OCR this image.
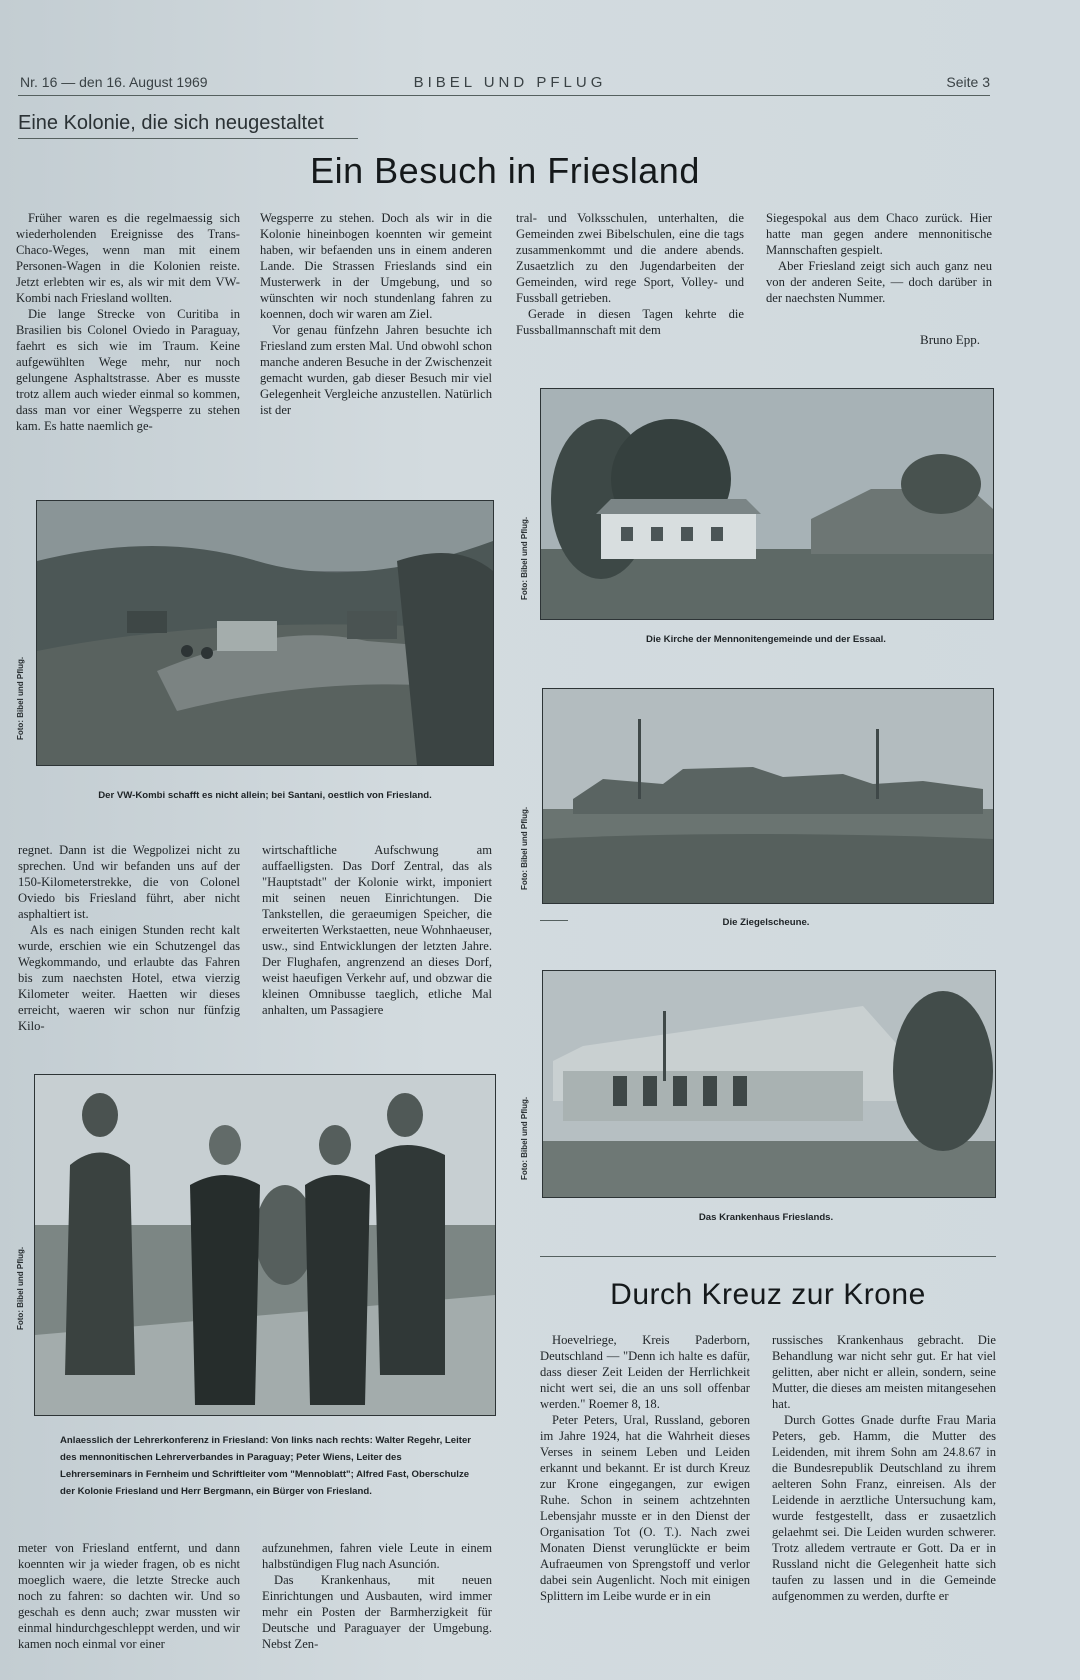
Nr. 16 — den 16. August 1969	BIBEL UND PFLUG	Seite 3
Eine Kolonie, die sich neugestaltet
Ein Besuch in Friesland

Früher waren es die regelmaessig sich wiederholenden Ereignisse des Trans-Chaco-Weges, wenn man mit einem Personen-Wagen in die Kolonien reiste. Jetzt erlebten wir es, als wir mit dem VW-Kombi nach Friesland wollten.

Die lange Strecke von Curitiba in Brasilien bis Colonel Oviedo in Paraguay, faehrt es sich wie im Traum. Keine aufgewühlten Wege mehr, nur noch gelungene Asphaltstrasse. Aber es musste trotz allem auch wieder einmal so kommen, dass man vor einer Wegsperre zu stehen kam. Es hatte naemlich ge-

Wegsperre zu stehen. Doch als wir in die Kolonie hineinbogen koennten wir gemeint haben, wir befaenden uns in einem anderen Lande. Die Strassen Frieslands sind ein Musterwerk in der Umgebung, und so wünschten wir noch stundenlang fahren zu koennen, doch wir waren am Ziel.

Vor genau fünfzehn Jahren besuchte ich Friesland zum ersten Mal. Und obwohl schon manche anderen Besuche in der Zwischenzeit gemacht wurden, gab dieser Besuch mir viel Gelegenheit Vergleiche anzustellen. Natürlich ist der

tral- und Volksschulen, unterhalten, die Gemeinden zwei Bibelschulen, eine die tags zusammenkommt und die andere abends. Zusaetzlich zu den Jugendarbeiten der Gemeinden, wird rege Sport, Volley- und Fussball getrieben.

Gerade in diesen Tagen kehrte die Fussballmannschaft mit dem

Siegespokal aus dem Chaco zurück. Hier hatte man gegen andere mennonitische Mannschaften gespielt.

Aber Friesland zeigt sich auch ganz neu von der anderen Seite, — doch darüber in der naechsten Nummer.

Bruno Epp.
Foto: Bibel und Pflug.
Der VW-Kombi schafft es nicht allein; bei Santani, oestlich von Friesland.
Foto: Bibel und Pflug.
Die Kirche der Mennonitengemeinde und der Essaal.
Foto: Bibel und Pflug.
Die Ziegelscheune.
Foto: Bibel und Pflug.
Das Krankenhaus Frieslands.

regnet. Dann ist die Wegpolizei nicht zu sprechen. Und wir befanden uns auf der 150-Kilometerstrekke, die von Colonel Oviedo bis Friesland führt, aber nicht asphaltiert ist.

Als es nach einigen Stunden recht kalt wurde, erschien wie ein Schutzengel das Wegkommando, und erlaubte das Fahren bis zum naechsten Hotel, etwa vierzig Kilometer weiter. Haetten wir dieses erreicht, waeren wir schon nur fünfzig Kilo-

wirtschaftliche Aufschwung am auffaelligsten. Das Dorf Zentral, das als "Hauptstadt" der Kolonie wirkt, imponiert mit seinen neuen Einrichtungen. Die Tankstellen, die geraeumigen Speicher, die erweiterten Werkstaetten, neue Wohnhaeuser, usw., sind Entwicklungen der letzten Jahre. Der Flughafen, angrenzend an dieses Dorf, weist haeufigen Verkehr auf, und obzwar die kleinen Omnibusse taeglich, etliche Mal anhalten, um Passagiere

Foto: Bibel und Pflug.
Anlaesslich der Lehrerkonferenz in Friesland: Von links nach rechts: Walter Regehr, Leiter des mennonitischen Lehrerverbandes in Paraguay; Peter Wiens, Leiter des Lehrerseminars in Fernheim und Schriftleiter vom "Mennoblatt"; Alfred Fast, Oberschulze der Kolonie Friesland und Herr Bergmann, ein Bürger von Friesland.

meter von Friesland entfernt, und dann koennten wir ja wieder fragen, ob es nicht moeglich waere, die letzte Strecke auch noch zu fahren: so dachten wir. Und so geschah es denn auch; zwar mussten wir einmal hindurchgeschleppt werden, und wir kamen noch einmal vor einer

aufzunehmen, fahren viele Leute in einem halbstündigen Flug nach Asunción.

Das Krankenhaus, mit neuen Einrichtungen und Ausbauten, wird immer mehr ein Posten der Barmherzigkeit für Deutsche und Paraguayer der Umgebung. Nebst Zen-

Durch Kreuz zur Krone

Hoevelriege, Kreis Paderborn, Deutschland — "Denn ich halte es dafür, dass dieser Zeit Leiden der Herrlichkeit nicht wert sei, die an uns soll offenbar werden." Roemer 8, 18.

Peter Peters, Ural, Russland, geboren im Jahre 1924, hat die Wahrheit dieses Verses in seinem Leben und Leiden erkannt und bekannt. Er ist durch Kreuz zur Krone eingegangen, zur ewigen Ruhe. Schon in seinem achtzehnten Lebensjahr musste er in den Dienst der Organisation Tot (O. T.). Nach zwei Monaten Dienst verunglückte er beim Aufraeumen von Sprengstoff und verlor dabei sein Augenlicht. Noch mit einigen Splittern im Leibe wurde er in ein

russisches Krankenhaus gebracht. Die Behandlung war nicht sehr gut. Er hat viel gelitten, aber nicht er allein, sondern, seine Mutter, die dieses am meisten mitangesehen hat.

Durch Gottes Gnade durfte Frau Maria Peters, geb. Hamm, die Mutter des Leidenden, mit ihrem Sohn am 24.8.67 in die Bundesrepublik Deutschland zu ihrem aelteren Sohn Franz, einreisen. Als der Leidende in aerztliche Untersuchung kam, wurde festgestellt, dass er zusaetzlich gelaehmt sei. Die Leiden wurden schwerer. Trotz alledem vertraute er Gott. Da er in Russland nicht die Gelegenheit hatte sich taufen zu lassen und in die Gemeinde aufgenommen zu werden, durfte er
